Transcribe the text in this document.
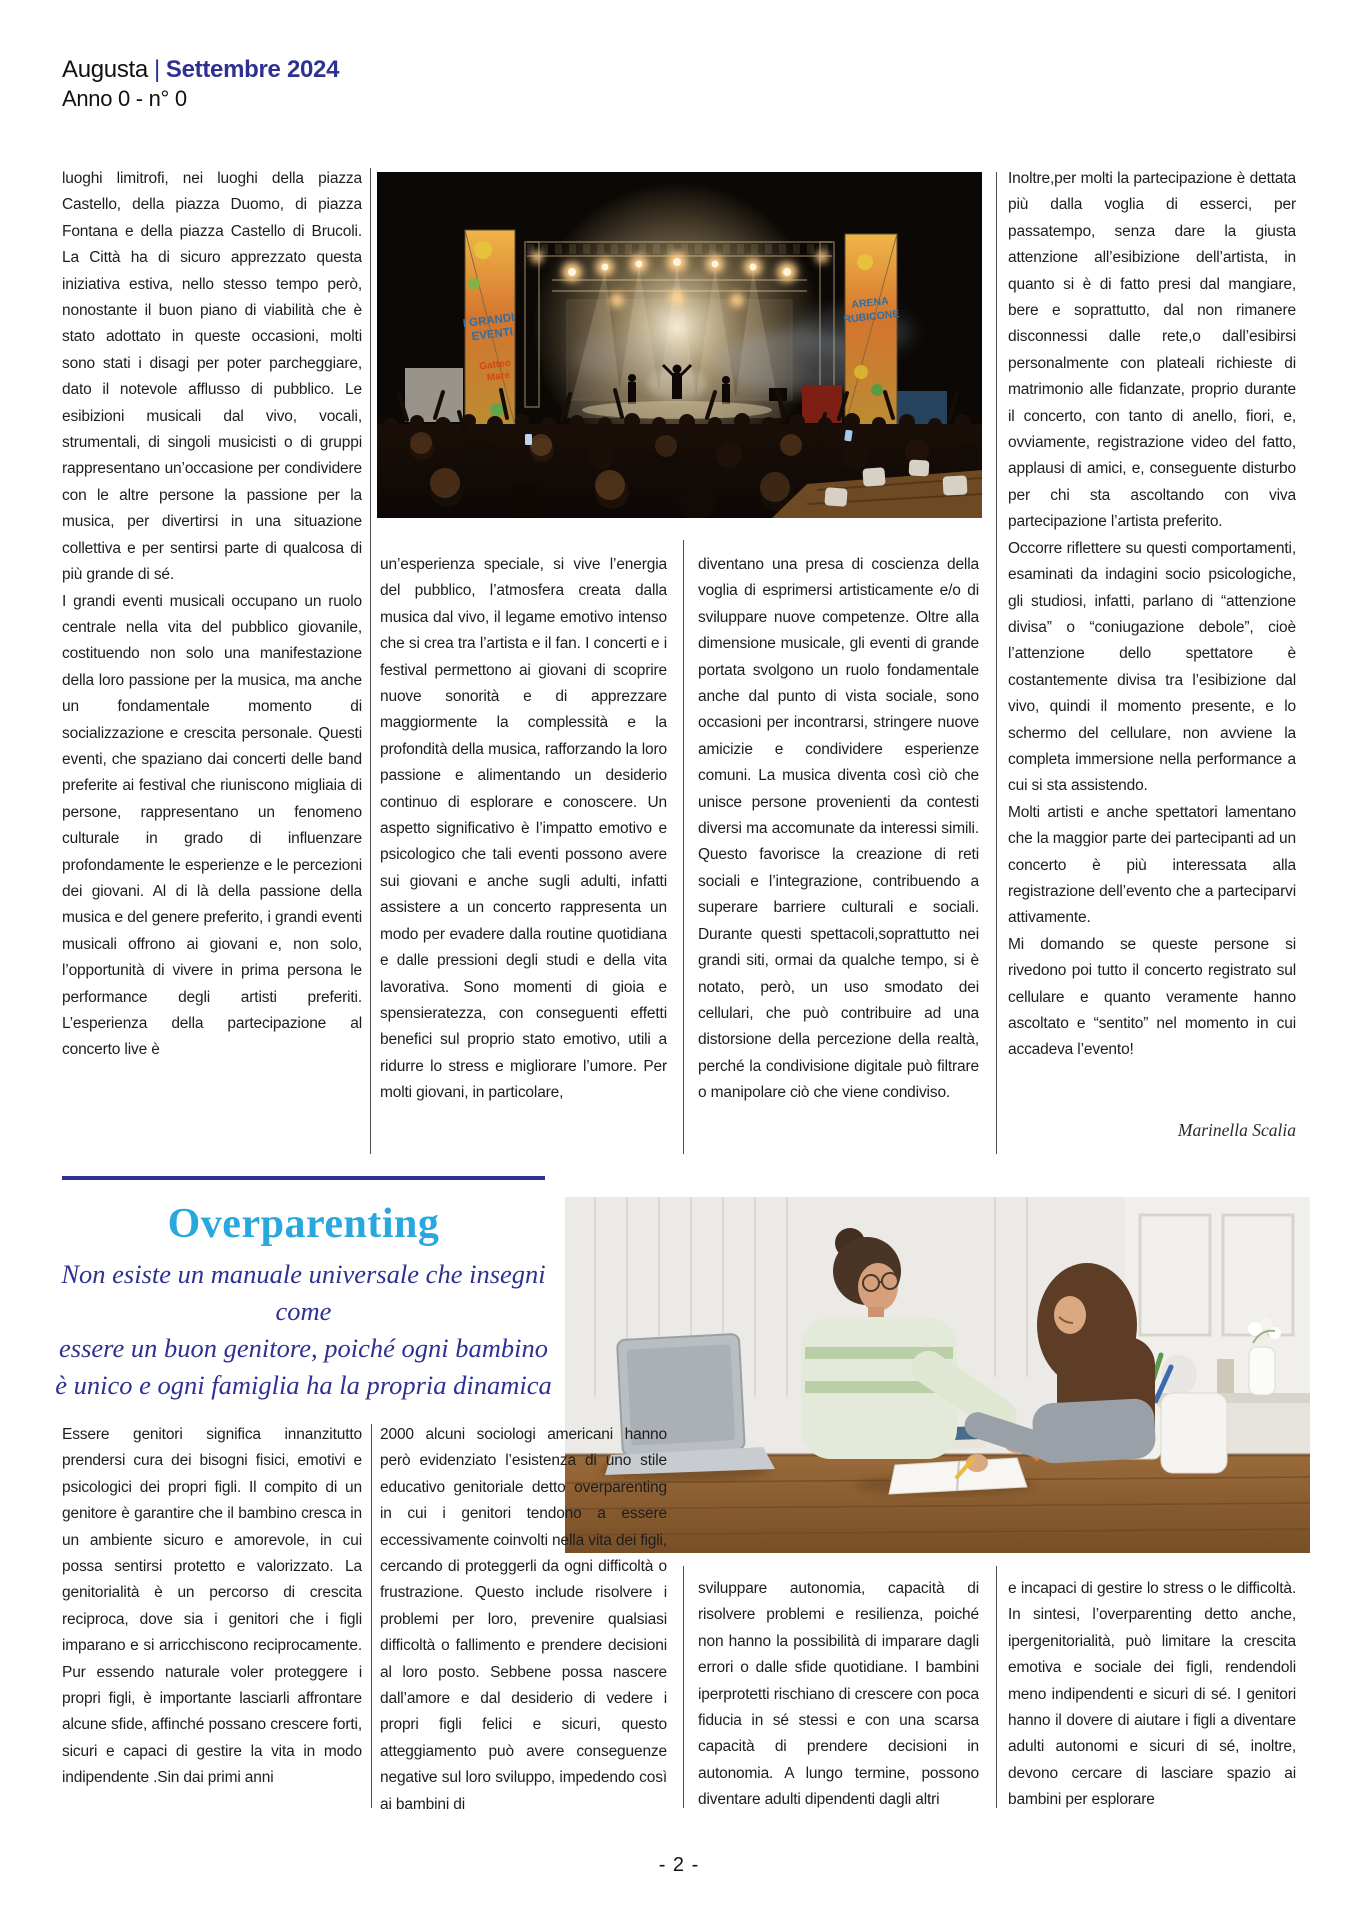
Augusta | Settembre 2024
Anno 0 - n° 0
I GRANDI
EVENTI
Gatteo
Mare
ARENA
RUBICONE

luoghi limitrofi, nei luoghi della piazza Castello, della piazza Duomo, di piazza Fontana e della piazza Castello di Brucoli. La Città ha di sicuro apprezzato questa iniziativa estiva, nello stesso tempo però, nonostante il buon piano di viabilità che è stato adottato in queste occasioni, molti sono stati i disagi per poter parcheggiare, dato il notevole afflusso di pubblico. Le esibizioni musicali dal vivo, vocali, strumentali, di singoli musicisti o di gruppi rappresentano un’occasione per condividere con le altre persone la passione per la musica, per divertirsi in una situazione collettiva e per sentirsi parte di qualcosa di più grande di sé.

I grandi eventi musicali occupano un ruolo centrale nella vita del pubblico giovanile, costituendo non solo una manifestazione della loro passione per la musica, ma anche un fondamentale momento di socializzazione e crescita personale. Questi eventi, che spaziano dai concerti delle band preferite ai festival che riuniscono migliaia di persone, rappresentano un fenomeno culturale in grado di influenzare profondamente le esperienze e le percezioni dei giovani. Al di là della passione della musica e del genere preferito, i grandi eventi musicali offrono ai giovani e, non solo, l’opportunità di vivere in prima persona le performance degli artisti preferiti. L’esperienza della partecipazione al concerto live è

un’esperienza speciale, si vive l’energia del pubblico, l’atmosfera creata dalla musica dal vivo, il legame emotivo intenso che si crea tra l’artista e il fan. I concerti e i festival permettono ai giovani di scoprire nuove sonorità e di apprezzare maggiormente la complessità e la profondità della musica, rafforzando la loro passione e alimentando un desiderio continuo di esplorare e conoscere. Un aspetto significativo è l’impatto emotivo e psicologico che tali eventi possono avere sui giovani e anche sugli adulti, infatti assistere a un concerto rappresenta un modo per evadere dalla routine quotidiana e dalle pressioni degli studi e della vita lavorativa. Sono momenti di gioia e spensieratezza, con conseguenti effetti benefici sul proprio stato emotivo, utili a ridurre lo stress e migliorare l’umore. Per molti giovani, in particolare,

diventano una presa di coscienza della voglia di esprimersi artisticamente e/o di sviluppare nuove competenze. Oltre alla dimensione musicale, gli eventi di grande portata svolgono un ruolo fondamentale anche dal punto di vista sociale, sono occasioni per incontrarsi, stringere nuove amicizie e condividere esperienze comuni. La musica diventa così ciò che unisce persone provenienti da contesti diversi ma accomunate da interessi simili. Questo favorisce la creazione di reti sociali e l’integrazione, contribuendo a superare barriere culturali e sociali. Durante questi spettacoli,soprattutto nei grandi siti, ormai da qualche tempo, si è notato, però, un uso smodato dei cellulari, che può contribuire ad una distorsione della percezione della realtà, perché la condivisione digitale può filtrare o manipolare ciò che viene condiviso.

Inoltre,per molti la partecipazione è dettata più dalla voglia di esserci, per passatempo, senza dare la giusta attenzione all’esibizione dell’artista, in quanto si è di fatto presi dal mangiare, bere e soprattutto, dal non rimanere disconnessi dalle rete,o dall’esibirsi personalmente con plateali richieste di matrimonio alle fidanzate, proprio durante il concerto, con tanto di anello, fiori, e, ovviamente, registrazione video del fatto, applausi di amici, e, conseguente disturbo per chi sta ascoltando con viva partecipazione l’artista preferito.

Occorre riflettere su questi comportamenti, esaminati da indagini socio psicologiche, gli studiosi, infatti, parlano di “attenzione divisa” o “coniugazione debole”, cioè l’attenzione dello spettatore è costantemente divisa tra l’esibizione dal vivo, quindi il momento presente, e lo schermo del cellulare, non avviene la completa immersione nella performance a cui si sta assistendo.

Molti artisti e anche spettatori lamentano che la maggior parte dei partecipanti ad un concerto è più interessata alla registrazione dell’evento che a parteciparvi attivamente.

Mi domando se queste persone si rivedono poi tutto il concerto registrato sul cellulare e quanto veramente hanno ascoltato e “sentito” nel momento in cui accadeva l’evento!

Marinella Scalia
Overparenting
Non esiste un manuale universale che insegni come
essere un buon genitore, poiché ogni bambino
è unico e ogni famiglia ha la propria dinamica

Essere genitori significa innanzitutto prendersi cura dei bisogni fisici, emotivi e psicologici dei propri figli. Il compito di un genitore è garantire che il bambino cresca in un ambiente sicuro e amorevole, in cui possa sentirsi protetto e valorizzato. La genitorialità è un percorso di crescita reciproca, dove sia i genitori che i figli imparano e si arricchiscono reciprocamente. Pur essendo naturale voler proteggere i propri figli, è importante lasciarli affrontare alcune sfide, affinché possano crescere forti, sicuri e capaci di gestire la vita in modo indipendente .Sin dai primi anni

2000 alcuni sociologi americani hanno però evidenziato l’esistenza di uno stile educativo genitoriale detto overparenting in cui i genitori tendono a essere eccessivamente coinvolti nella vita dei figli, cercando di proteggerli da ogni difficoltà o frustrazione. Questo include risolvere i problemi per loro, prevenire qualsiasi difficoltà o fallimento e prendere decisioni al loro posto. Sebbene possa nascere dall’amore e dal desiderio di vedere i propri figli felici e sicuri, questo atteggiamento può avere conseguenze negative sul loro sviluppo, impedendo così ai bambini di

sviluppare autonomia, capacità di risolvere problemi e resilienza, poiché non hanno la possibilità di imparare dagli errori o dalle sfide quotidiane. I bambini iperprotetti rischiano di crescere con poca fiducia in sé stessi e con una scarsa capacità di prendere decisioni in autonomia. A lungo termine, possono diventare adulti dipendenti dagli altri

e incapaci di gestire lo stress o le difficoltà. In sintesi, l’overparenting detto anche, ipergenitorialità, può limitare la crescita emotiva e sociale dei figli, rendendoli meno indipendenti e sicuri di sé. I genitori hanno il dovere di aiutare i figli a diventare adulti autonomi e sicuri di sé, inoltre, devono cercare di lasciare spazio ai bambini per esplorare

- 2 -
